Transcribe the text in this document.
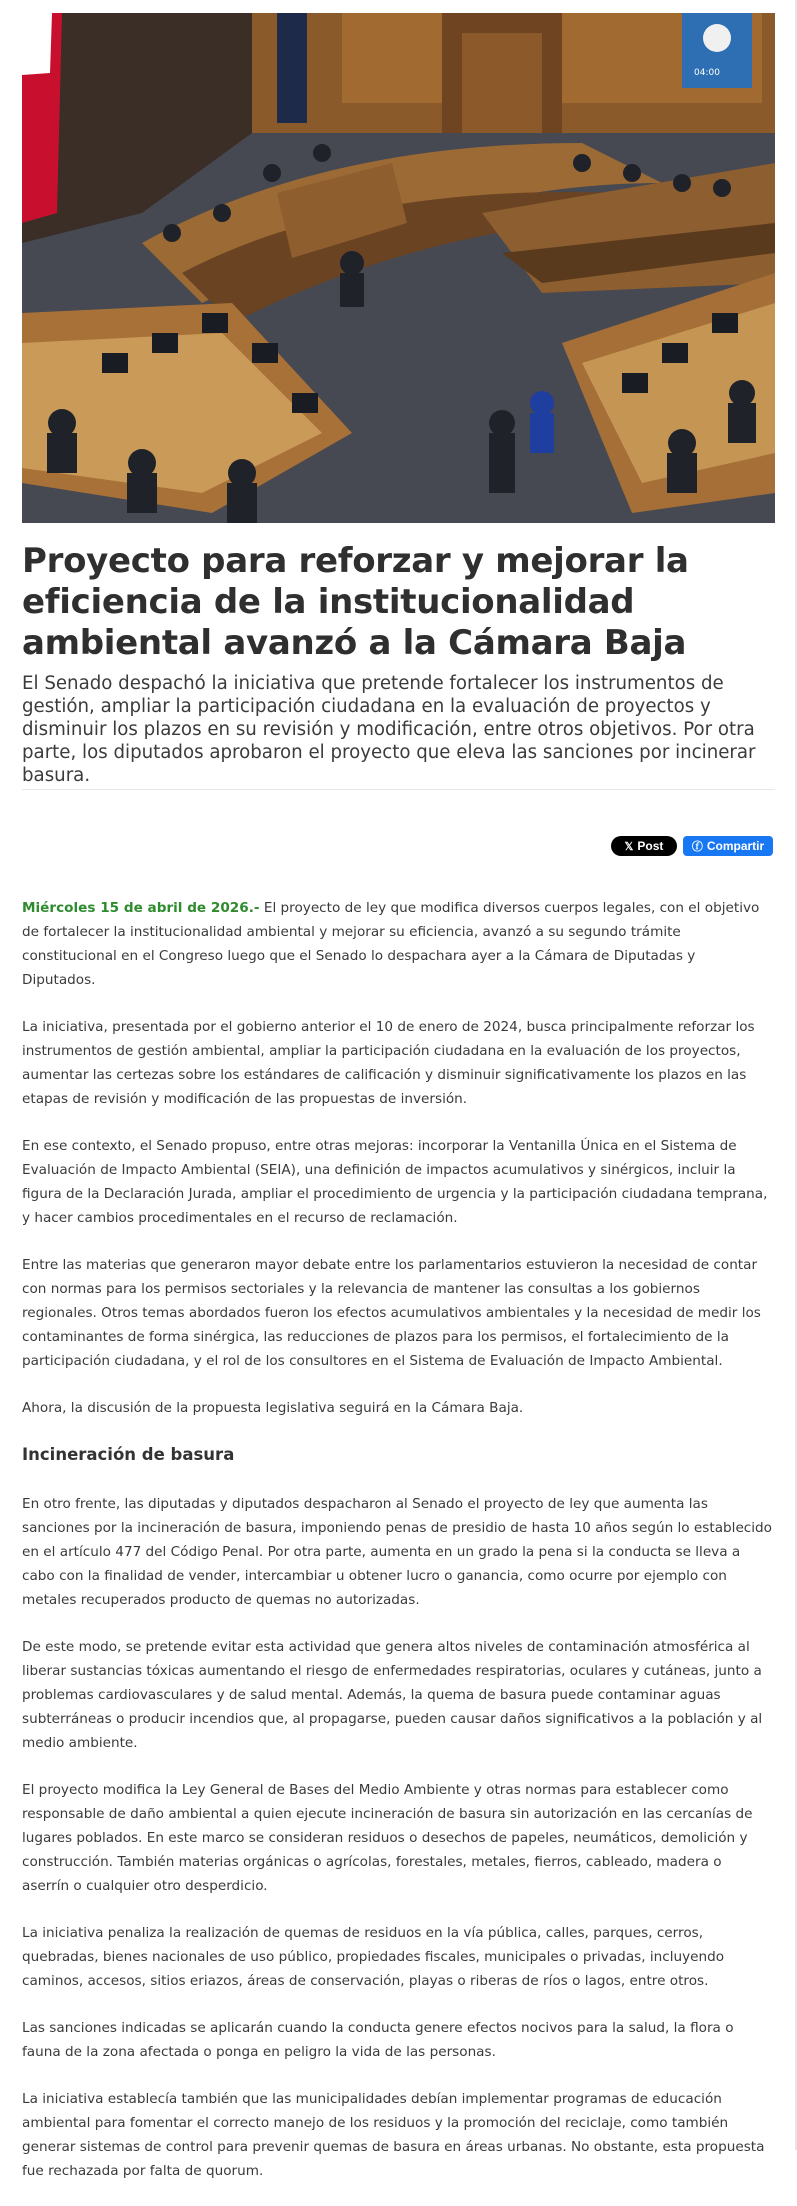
04:00
Proyecto para reforzar y mejorar la eficiencia de la institucionalidad ambiental avanzó a la Cámara Baja

El Senado despachó la iniciativa que pretende fortalecer los instrumentos de gestión, ampliar la participación ciudadana en la evaluación de proyectos y disminuir los plazos en su revisión y modificación, entre otros objetivos. Por otra parte, los diputados aprobaron el proyecto que eleva las sanciones por incinerar basura.

𝕏 Post	ⓕ Compartir

Miércoles 15 de abril de 2026.- El proyecto de ley que modifica diversos cuerpos legales, con el objetivo de fortalecer la institucionalidad ambiental y mejorar su eficiencia, avanzó a su segundo trámite constitucional en el Congreso luego que el Senado lo despachara ayer a la Cámara de Diputadas y Diputados.

La iniciativa, presentada por el gobierno anterior el 10 de enero de 2024, busca principalmente reforzar los instrumentos de gestión ambiental, ampliar la participación ciudadana en la evaluación de los proyectos, aumentar las certezas sobre los estándares de calificación y disminuir significativamente los plazos en las etapas de revisión y modificación de las propuestas de inversión.

En ese contexto, el Senado propuso, entre otras mejoras: incorporar la Ventanilla Única en el Sistema de Evaluación de Impacto Ambiental (SEIA), una definición de impactos acumulativos y sinérgicos, incluir la figura de la Declaración Jurada, ampliar el procedimiento de urgencia y la participación ciudadana temprana, y hacer cambios procedimentales en el recurso de reclamación.

Entre las materias que generaron mayor debate entre los parlamentarios estuvieron la necesidad de contar con normas para los permisos sectoriales y la relevancia de mantener las consultas a los gobiernos regionales. Otros temas abordados fueron los efectos acumulativos ambientales y la necesidad de medir los contaminantes de forma sinérgica, las reducciones de plazos para los permisos, el fortalecimiento de la participación ciudadana, y el rol de los consultores en el Sistema de Evaluación de Impacto Ambiental.

Ahora, la discusión de la propuesta legislativa seguirá en la Cámara Baja.

Incineración de basura

En otro frente, las diputadas y diputados despacharon al Senado el proyecto de ley que aumenta las sanciones por la incineración de basura, imponiendo penas de presidio de hasta 10 años según lo establecido en el artículo 477 del Código Penal. Por otra parte, aumenta en un grado la pena si la conducta se lleva a cabo con la finalidad de vender, intercambiar u obtener lucro o ganancia, como ocurre por ejemplo con metales recuperados producto de quemas no autorizadas.

De este modo, se pretende evitar esta actividad que genera altos niveles de contaminación atmosférica al liberar sustancias tóxicas aumentando el riesgo de enfermedades respiratorias, oculares y cutáneas, junto a problemas cardiovasculares y de salud mental. Además, la quema de basura puede contaminar aguas subterráneas o producir incendios que, al propagarse, pueden causar daños significativos a la población y al medio ambiente.

El proyecto modifica la Ley General de Bases del Medio Ambiente y otras normas para establecer como responsable de daño ambiental a quien ejecute incineración de basura sin autorización en las cercanías de lugares poblados. En este marco se consideran residuos o desechos de papeles, neumáticos, demolición y construcción. También materias orgánicas o agrícolas, forestales, metales, fierros, cableado, madera o aserrín o cualquier otro desperdicio.

La iniciativa penaliza la realización de quemas de residuos en la vía pública, calles, parques, cerros, quebradas, bienes nacionales de uso público, propiedades fiscales, municipales o privadas, incluyendo caminos, accesos, sitios eriazos, áreas de conservación, playas o riberas de ríos o lagos, entre otros.

Las sanciones indicadas se aplicarán cuando la conducta genere efectos nocivos para la salud, la flora o fauna de la zona afectada o ponga en peligro la vida de las personas.

La iniciativa establecía también que las municipalidades debían implementar programas de educación ambiental para fomentar el correcto manejo de los residuos y la promoción del reciclaje, como también generar sistemas de control para prevenir quemas de basura en áreas urbanas. No obstante, esta propuesta fue rechazada por falta de quorum.
